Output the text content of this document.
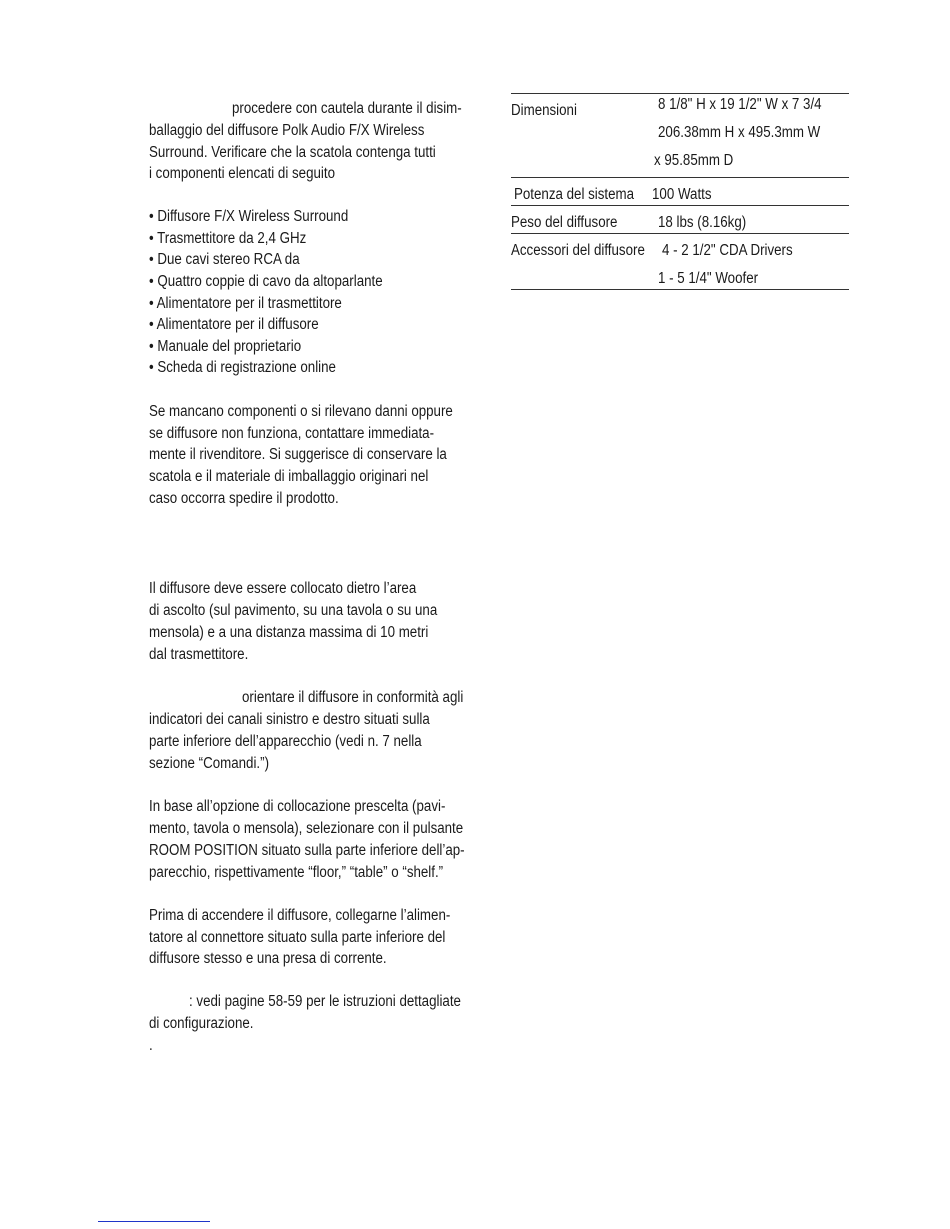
procedere con cautela durante il disim-
ballaggio del diffusore Polk Audio F/X Wireless
Surround. Verificare che la scatola contenga tutti
i componenti elencati di seguito
• Diffusore F/X Wireless Surround
• Trasmettitore da 2,4 GHz
• Due cavi stereo RCA da
• Quattro coppie di cavo da altoparlante
• Alimentatore per il trasmettitore
• Alimentatore per il diffusore
• Manuale del proprietario
• Scheda di registrazione online
Se mancano componenti o si rilevano danni oppure
se diffusore non funziona, contattare immediata-
mente il rivenditore. Si suggerisce di conservare la
scatola e il materiale di imballaggio originari nel
caso occorra spedire il prodotto.
Il diffusore deve essere collocato dietro l’area
di ascolto (sul pavimento, su una tavola o su una
mensola) e a una distanza massima di 10 metri
dal trasmettitore.
orientare il diffusore in conformità agli
indicatori dei canali sinistro e destro situati sulla
parte inferiore dell’apparecchio (vedi n. 7 nella
sezione “Comandi.”)
In base all’opzione di collocazione prescelta (pavi-
mento, tavola o mensola), selezionare con il pulsante
ROOM POSITION situato sulla parte inferiore dell’ap-
parecchio, rispettivamente “floor,” “table” o “shelf.”
Prima di accendere il diffusore, collegarne l’alimen-
tatore al connettore situato sulla parte inferiore del
diffusore stesso e una presa di corrente.
: vedi pagine 58-59 per le istruzioni dettagliate
di configurazione.
.
Dimensioni	8 1/8" H x 19 1/2" W x 7 3/4
206.38mm H x 495.3mm W
x 95.85mm D
Potenza del sistema 100 Watts
Peso del diffusore	18 lbs (8.16kg)
Accessori del diffusore 4 - 2 1/2" CDA Drivers
1 - 5 1/4" Woofer
